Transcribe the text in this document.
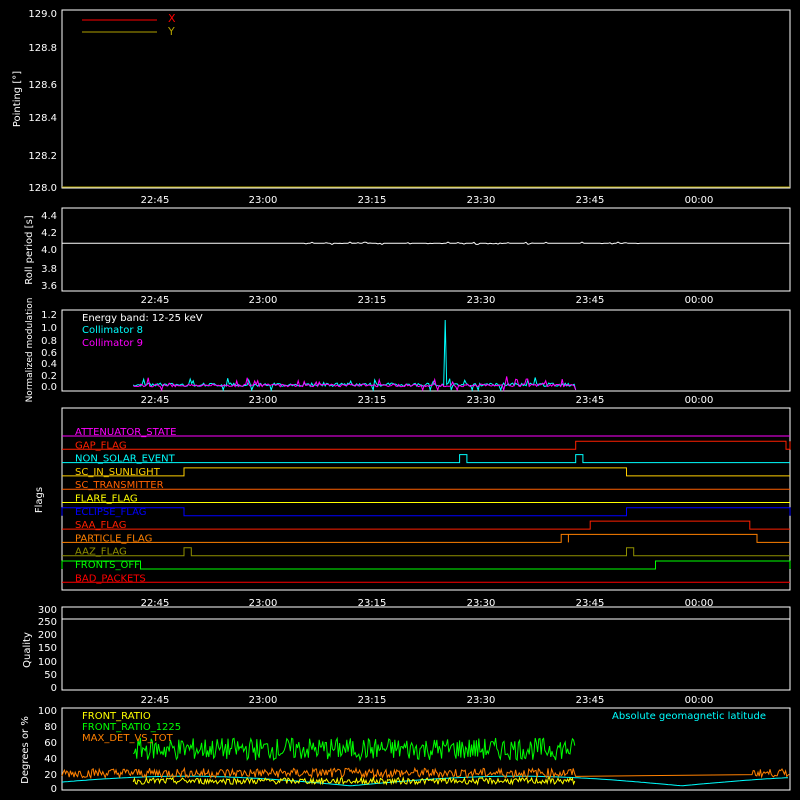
Pointing [°]
128.0
128.2
128.4
128.6
128.8
129.0
22:45	23:00	23:15	23:30	23:45	00:00
X
Y
Roll period [s]
3.6
3.8
4.0
4.2
4.4
22:45	23:00	23:15	23:30	23:45	00:00
Normalized modulation 0.0
0.2
0.4
0.6
0.8
1.0
1.2
22:45	23:00	23:15	23:30	23:45	00:00
Energy band: 12-25 keV
Collimator 8
Collimator 9
Flags
ATTENUATOR_STATE
GAP_FLAG
NON_SOLAR_EVENT
SC_IN_SUNLIGHT
SC_TRANSMITTER
FLARE_FLAG
ECLIPSE_FLAG
SAA_FLAG
PARTICLE_FLAG
AAZ_FLAG
FRONTS_OFF
BAD_PACKETS
22:45	23:00	23:15	23:30	23:45	00:00
Quality
0
50
100
150
200
250
300
22:45	23:00	23:15	23:30	23:45	00:00
Degrees or %
0
20
40
60
80
100	FRONT_RATIO
FRONT_RATIO_1225
MAX_DET_VS_TOT
Absolute geomagnetic latitude
